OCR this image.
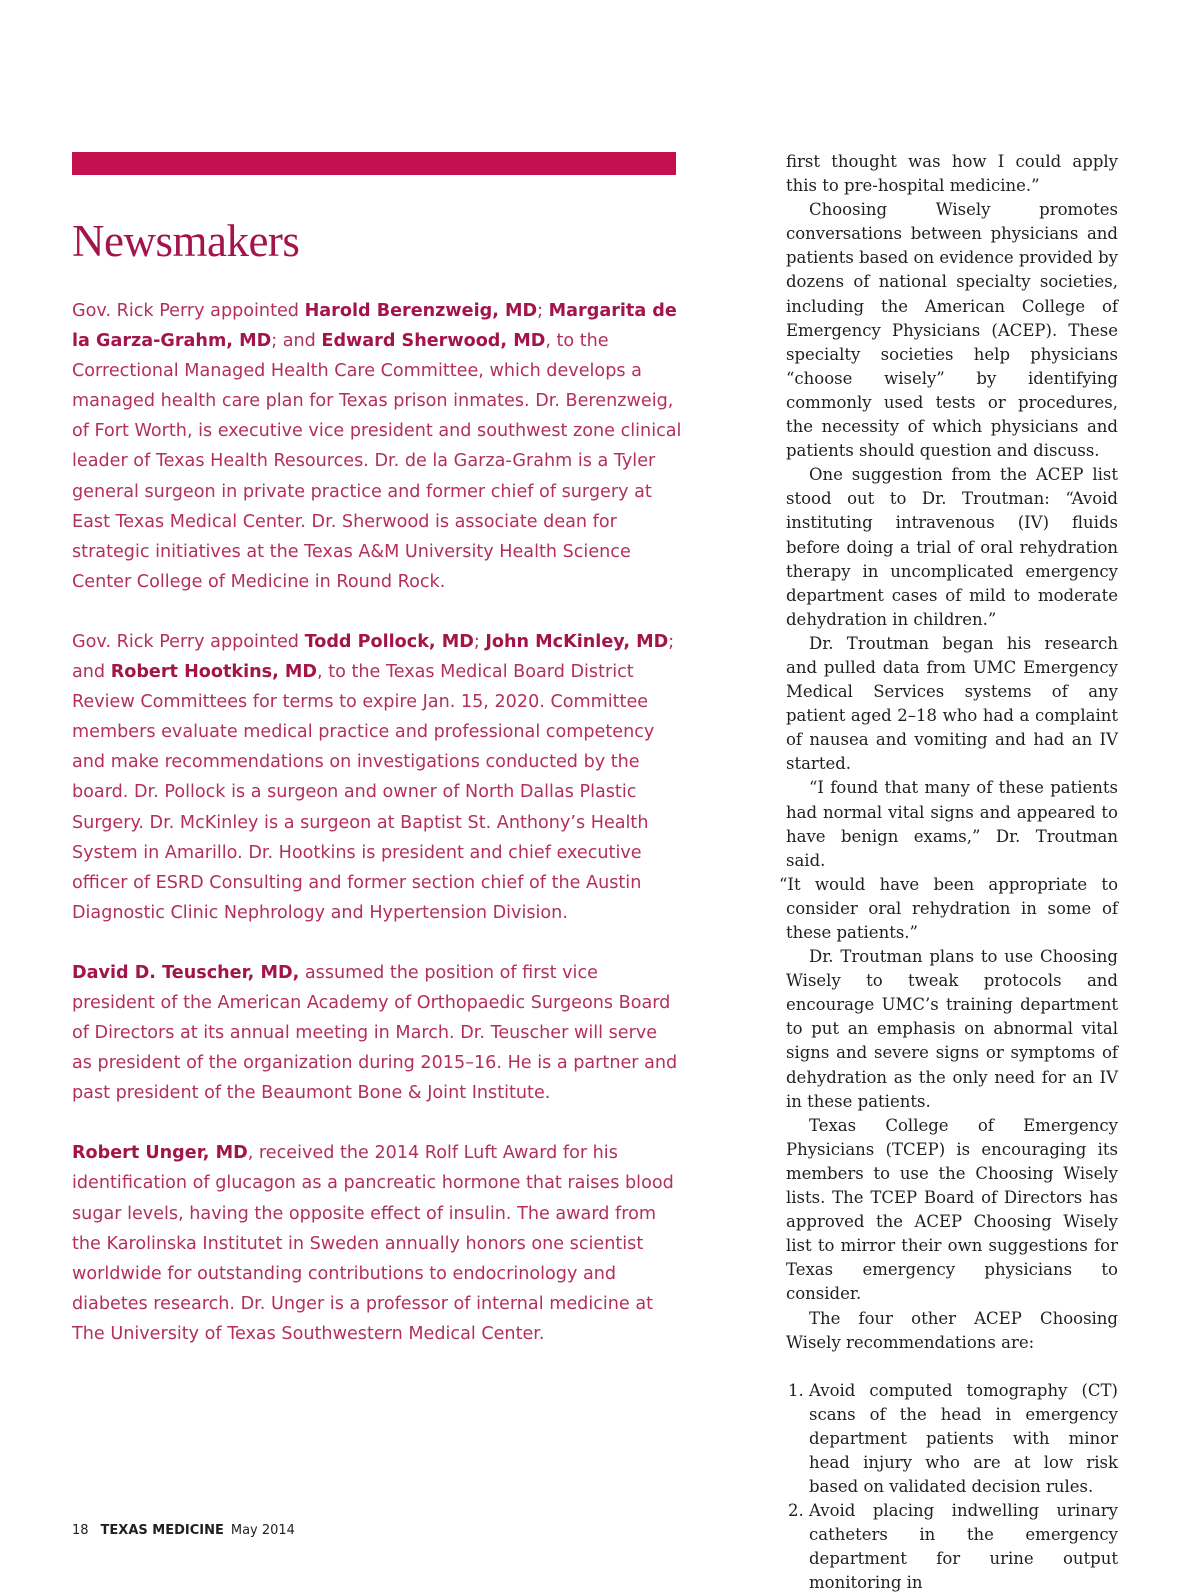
Newsmakers

Gov. Rick Perry appointed Harold Berenzweig, MD; Margarita de la Garza-Grahm, MD; and Edward Sherwood, MD, to the Correctional Managed Health Care Committee, which develops a managed health care plan for Texas prison inmates. Dr. Berenzweig, of Fort Worth, is executive vice president and southwest zone clinical leader of Texas Health Resources. Dr. de la Garza-Grahm is a Tyler general surgeon in private practice and former chief of surgery at East Texas Medical Center. Dr. Sherwood is associate dean for strategic initiatives at the Texas A&M University Health Science Center College of Medicine in Round Rock.

Gov. Rick Perry appointed Todd Pollock, MD; John McKinley, MD; and Robert Hootkins, MD, to the Texas Medical Board District Review Committees for terms to expire Jan. 15, 2020. Committee members evaluate medical practice and professional competency and make recommendations on investigations conducted by the board. Dr. Pollock is a surgeon and owner of North Dallas Plastic Surgery. Dr. McKinley is a surgeon at Baptist St. Anthony’s Health System in Amarillo. Dr. Hootkins is president and chief executive officer of ESRD Consulting and former section chief of the Austin Diagnostic Clinic Nephrology and Hypertension Division.

David D. Teuscher, MD, assumed the position of first vice president of the American Academy of Orthopaedic Surgeons Board of Directors at its annual meeting in March. Dr. Teuscher will serve as president of the organization during 2015–16. He is a partner and past president of the Beaumont Bone & Joint Institute.

Robert Unger, MD, received the 2014 Rolf Luft Award for his identification of glucagon as a pancreatic hormone that raises blood sugar levels, having the opposite effect of insulin. The award from the Karolinska Institutet in Sweden annually honors one scientist worldwide for outstanding contributions to endocrinology and diabetes research. Dr. Unger is a professor of internal medicine at The University of Texas Southwestern Medical Center.

first thought was how I could apply this to pre-hospital medicine.”

Choosing Wisely promotes conversations between physicians and patients based on evidence provided by dozens of national specialty societies, including the American College of Emergency Physicians (ACEP). These specialty societies help physicians “choose wisely” by identifying commonly used tests or procedures, the necessity of which physicians and patients should question and discuss.

One suggestion from the ACEP list stood out to Dr. Troutman: “Avoid instituting intravenous (IV) fluids before doing a trial of oral rehydration therapy in uncomplicated emergency department cases of mild to moderate dehydration in children.”

Dr. Troutman began his research and pulled data from UMC Emergency Medical Services systems of any patient aged 2–18 who had a complaint of nausea and vomiting and had an IV started.

“I found that many of these patients had normal vital signs and appeared to have benign exams,” Dr. Troutman said.

“It would have been appropriate to consider oral rehydration in some of these patients.”

Dr. Troutman plans to use Choosing Wisely to tweak protocols and encourage UMC’s training department to put an emphasis on abnormal vital signs and severe signs or symptoms of dehydration as the only need for an IV in these patients.

Texas College of Emergency Physicians (TCEP) is encouraging its members to use the Choosing Wisely lists. The TCEP Board of Directors has approved the ACEP Choosing Wisely list to mirror their own suggestions for Texas emergency physicians to consider.

The four other ACEP Choosing Wisely recommendations are:

1. Avoid computed tomography (CT) scans of the head in emergency department patients with minor head injury who are at low risk based on validated decision rules.
2. Avoid placing indwelling urinary catheters in the emergency department for urine output monitoring in
18 TEXAS MEDICINE May 2014
